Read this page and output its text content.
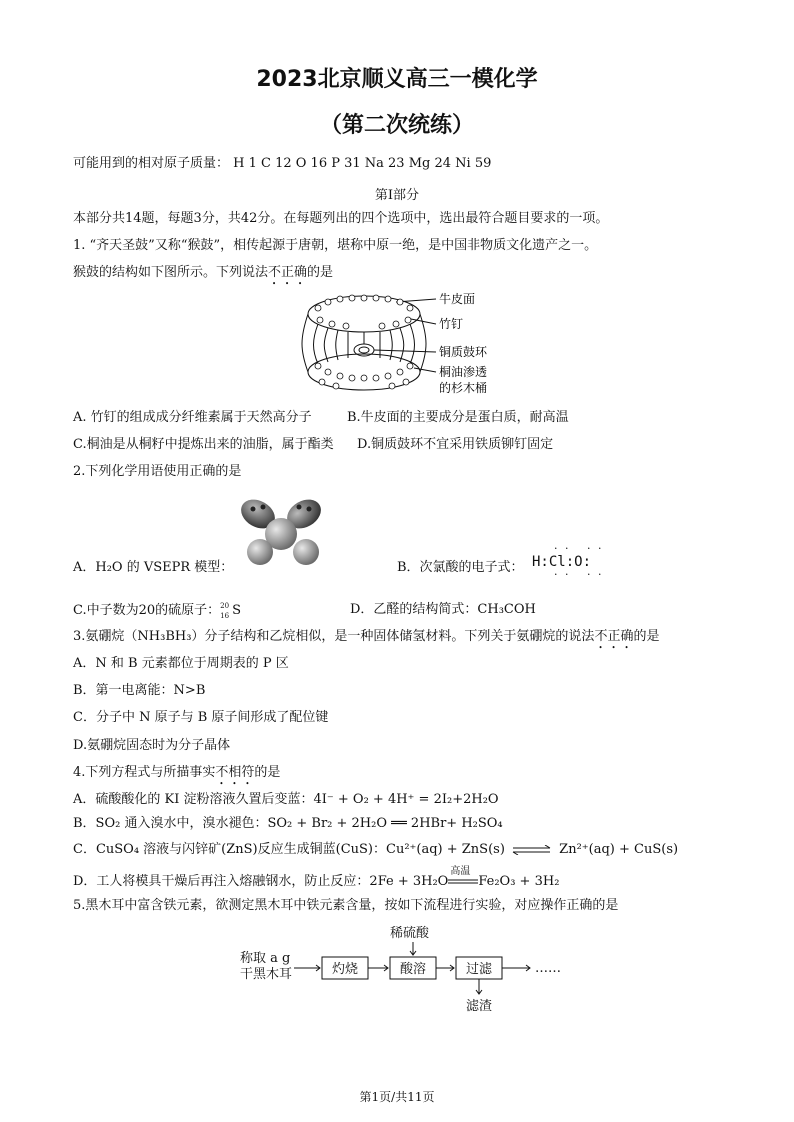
2023北京顺义高三一模化学
（第二次统练）
可能用到的相对原子质量： H 1 C 12 O 16 P 31 Na 23 Mg 24 Ni 59
第I部分
本部分共14题，每题3分，共42分。在每题列出的四个选项中，选出最符合题目要求的一项。
1. “齐天圣鼓”又称“猴鼓”，相传起源于唐朝，堪称中原一绝，是中国非物质文化遗产之一。
猴鼓的结构如下图所示。下列说法不正确的是
牛皮面
竹钉
铜质鼓环
桐油渗透
的杉木桶
A. 竹钉的组成成分纤维素属于天然高分子	B.牛皮面的主要成分是蛋白质，耐高温
C.桐油是从桐籽中提炼出来的油脂，属于酯类 D.铜质鼓环不宜采用铁质铆钉固定
2.下列化学用语使用正确的是
A．H₂O 的 VSEPR 模型：	B．次氯酸的电子式：
· ·   · ·
H:Cl:O:
· ·   · ·
C.中子数为20的硫原子： 20
16 S	D．乙醛的结构简式：CH₃COH
3.氨硼烷（NH₃BH₃）分子结构和乙烷相似，是一种固体储氢材料。下列关于氨硼烷的说法不正确的是
A．N 和 B 元素都位于周期表的 P 区
B．第一电离能：N>B
C．分子中 N 原子与 B 原子间形成了配位键
D.氨硼烷固态时为分子晶体
4.下列方程式与所描事实不相符的是
A．硫酸酸化的 KI 淀粉溶液久置后变蓝：4I⁻ + O₂ + 4H⁺ = 2I₂+2H₂O
B．SO₂ 通入溴水中，溴水褪色：SO₂ + Br₂ + 2H₂O ══ 2HBr+ H₂SO₄
C．CuSO₄ 溶液与闪锌矿(ZnS)反应生成铜蓝(CuS)：Cu²⁺(aq) + ZnS(s) ⇌ Zn²⁺(aq) + CuS(s)
D．工人将模具干燥后再注入熔融钢水，防止反应：2Fe + 3H₂O
高温
Fe₂O₃ + 3H₂
5.黑木耳中富含铁元素，欲测定黑木耳中铁元素含量，按如下流程进行实验，对应操作正确的是
稀硫酸
称取 a g
干黑木耳	灼烧	酸溶	过滤
滤渣
……
第1页/共11页
